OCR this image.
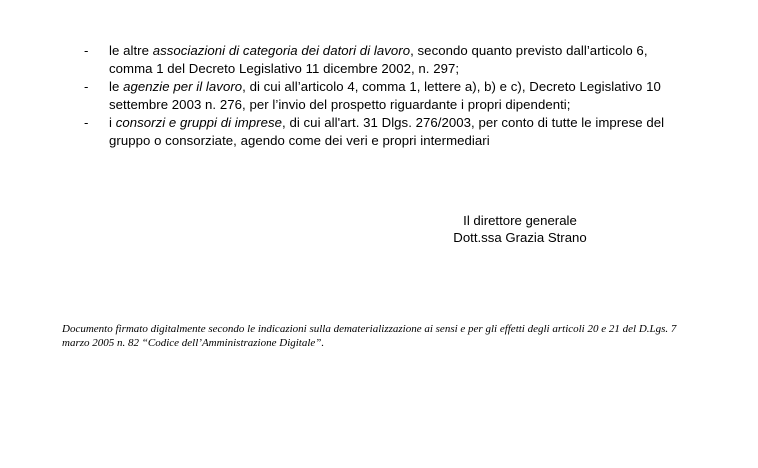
-	le altre associazioni di categoria dei datori di lavoro, secondo quanto previsto dall’articolo 6, comma 1 del Decreto Legislativo 11 dicembre 2002, n. 297;
-	le agenzie per il lavoro, di cui all’articolo 4, comma 1, lettere a), b) e c), Decreto Legislativo 10 settembre 2003 n. 276, per l’invio del prospetto riguardante i propri dipendenti;
-	i consorzi e gruppi di imprese, di cui all'art. 31 Dlgs. 276/2003, per conto di tutte le imprese del gruppo o consorziate, agendo come dei veri e propri intermediari
Il direttore generale
Dott.ssa Grazia Strano
Documento firmato digitalmente secondo le indicazioni sulla dematerializzazione ai sensi e per gli effetti degli articoli 20 e 21 del D.Lgs. 7 marzo 2005 n. 82 “Codice dell’Amministrazione Digitale”.
